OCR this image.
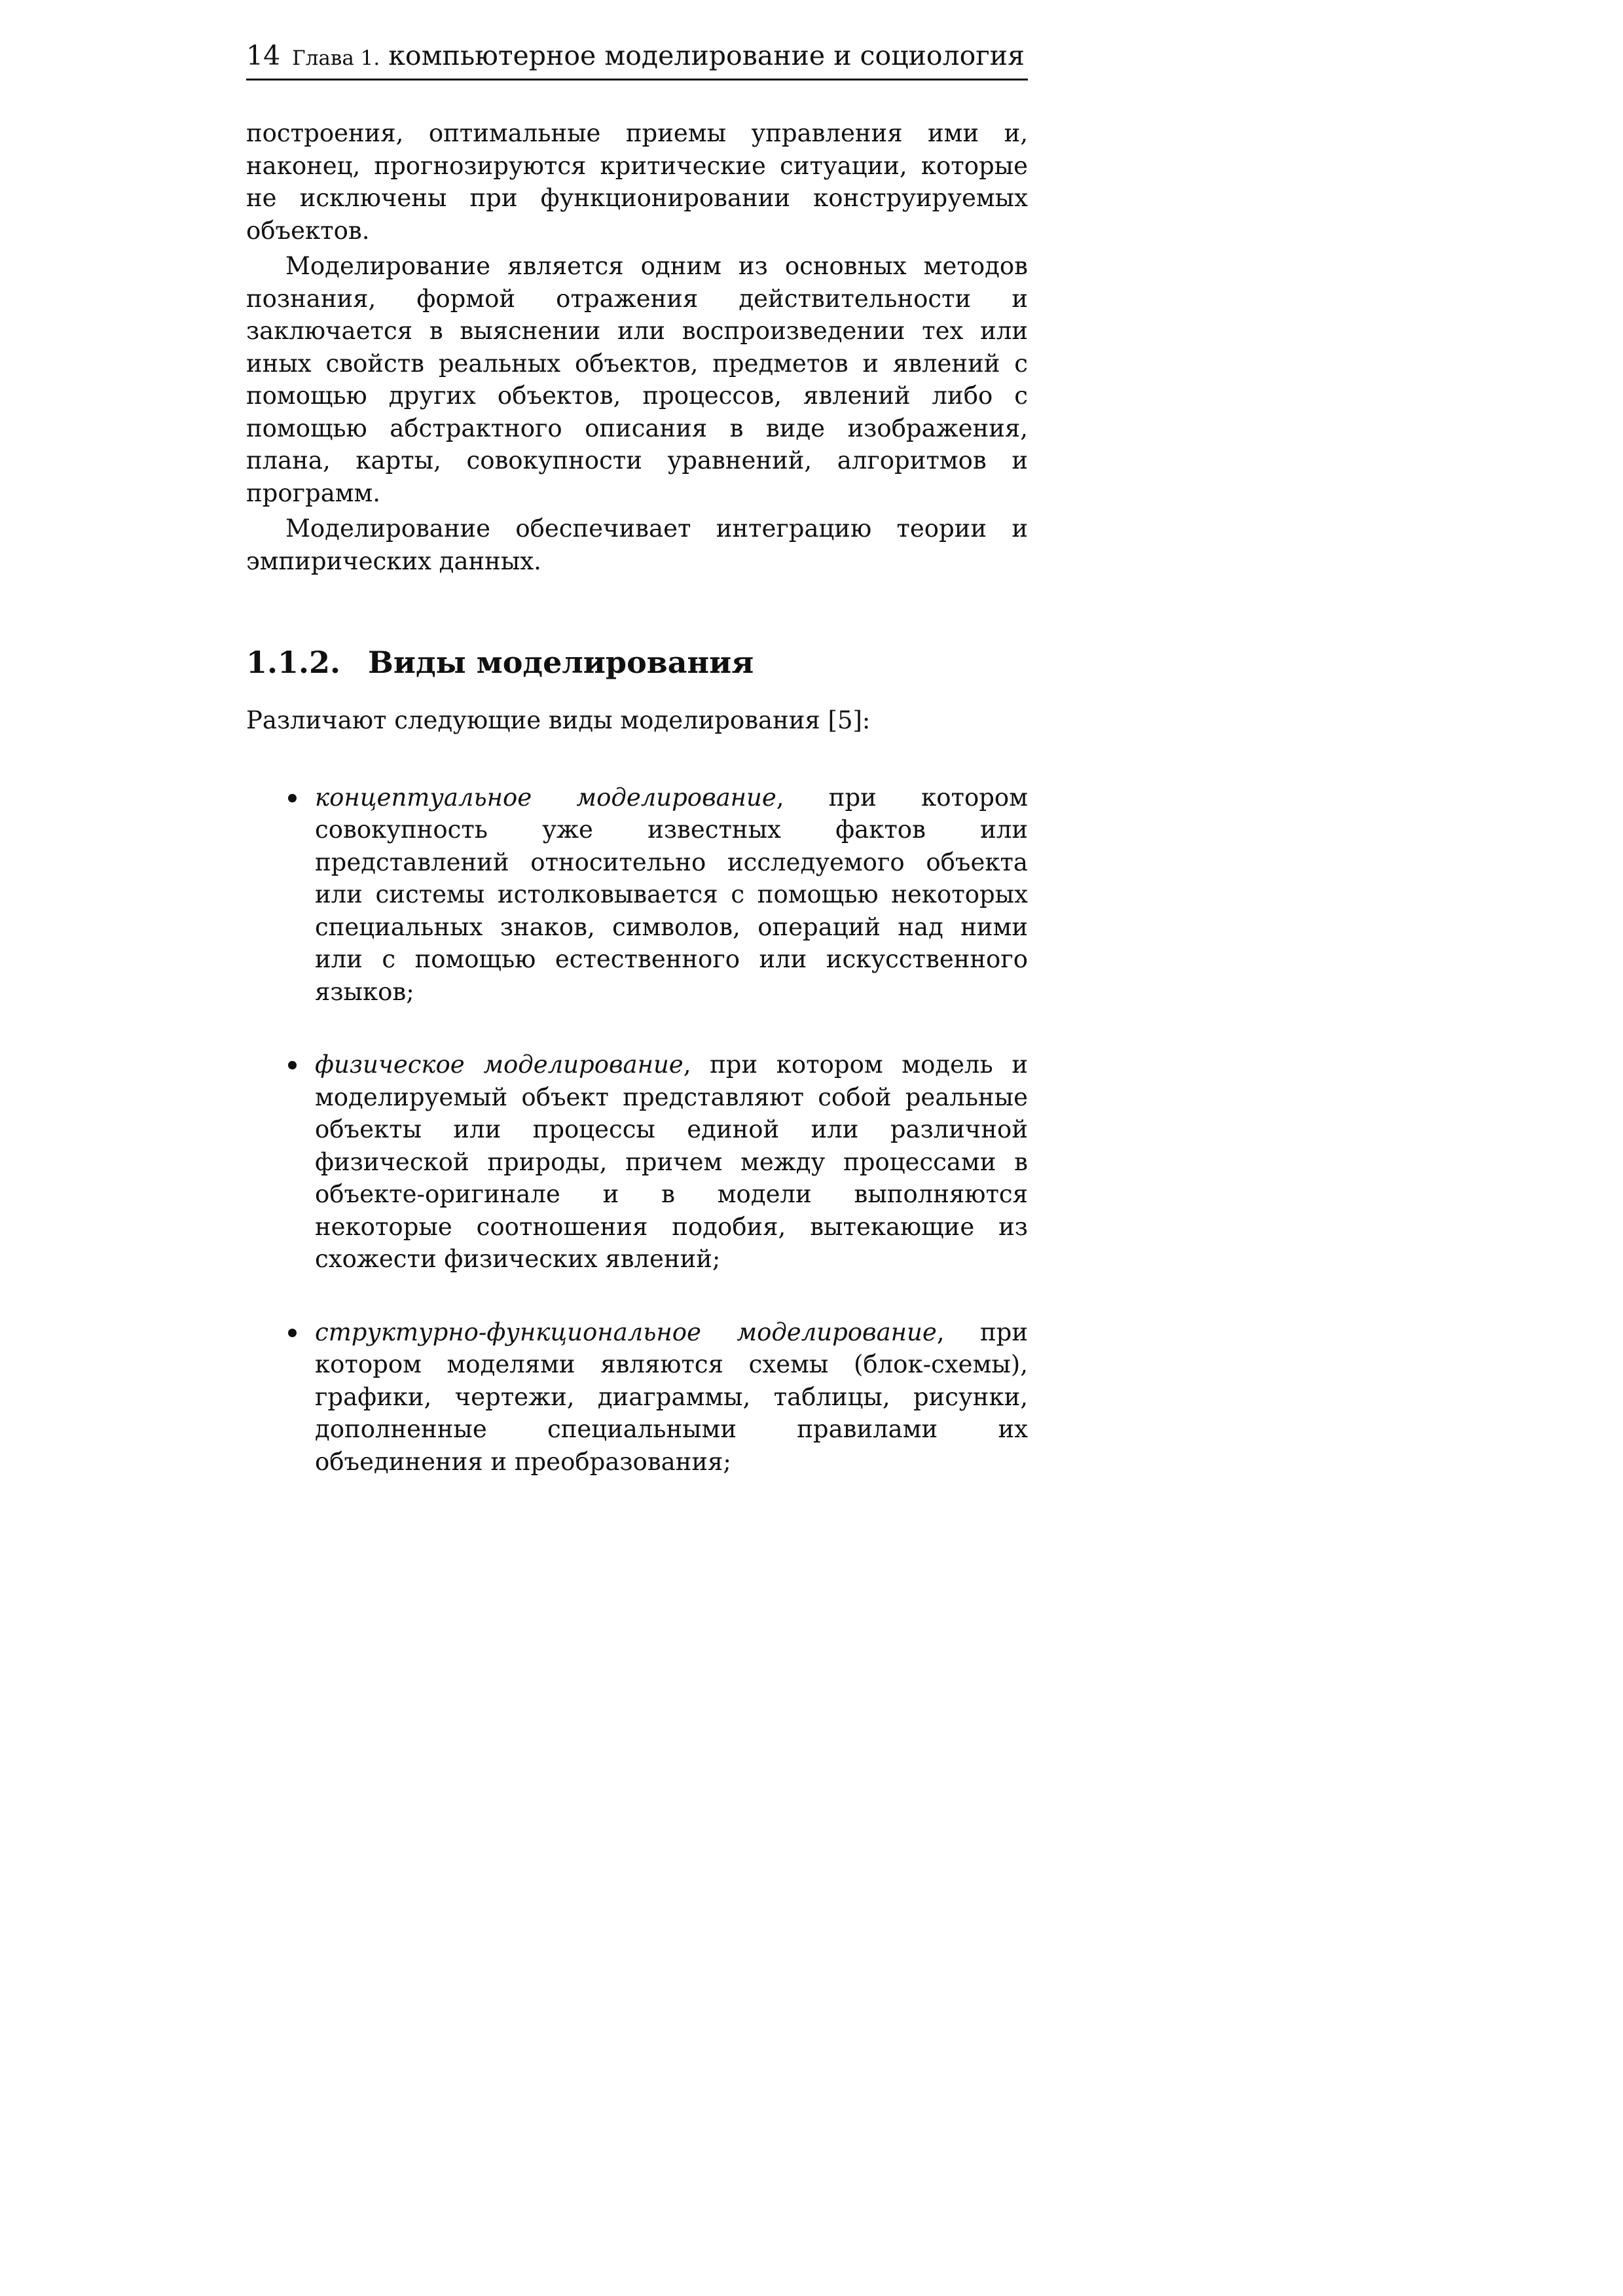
14 Глава 1. компьютерное моделирование и социология

построения, оптимальные приемы управления ими и, наконец, прогнозируются критические ситуации, которые не исключены при функционировании конструируемых объектов.

Моделирование является одним из основных методов познания, формой отражения действительности и заключается в выяснении или воспроизведении тех или иных свойств реальных объектов, предметов и явлений с помощью других объектов, процессов, явлений либо с помощью абстрактного описания в виде изображения, плана, карты, совокупности уравнений, алгоритмов и программ.

Моделирование обеспечивает интеграцию теории и эмпирических данных.

1.1.2. Виды моделирования

Различают следующие виды моделирования [5]:

концептуальное моделирование, при котором совокупность уже известных фактов или представлений относительно исследуемого объекта или системы истолковывается с помощью некоторых специальных знаков, символов, операций над ними или с помощью естественного или искусственного языков;
физическое моделирование, при котором модель и моделируемый объект представляют собой реальные объекты или процессы единой или различной физической природы, причем между процессами в объекте-оригинале и в модели выполняются некоторые соотношения подобия, вытекающие из схожести физических явлений;
структурно-функциональное моделирование, при котором моделями являются схемы (блок-схемы), графики, чертежи, диаграммы, таблицы, рисунки, дополненные специальными правилами их объединения и преобразования;
